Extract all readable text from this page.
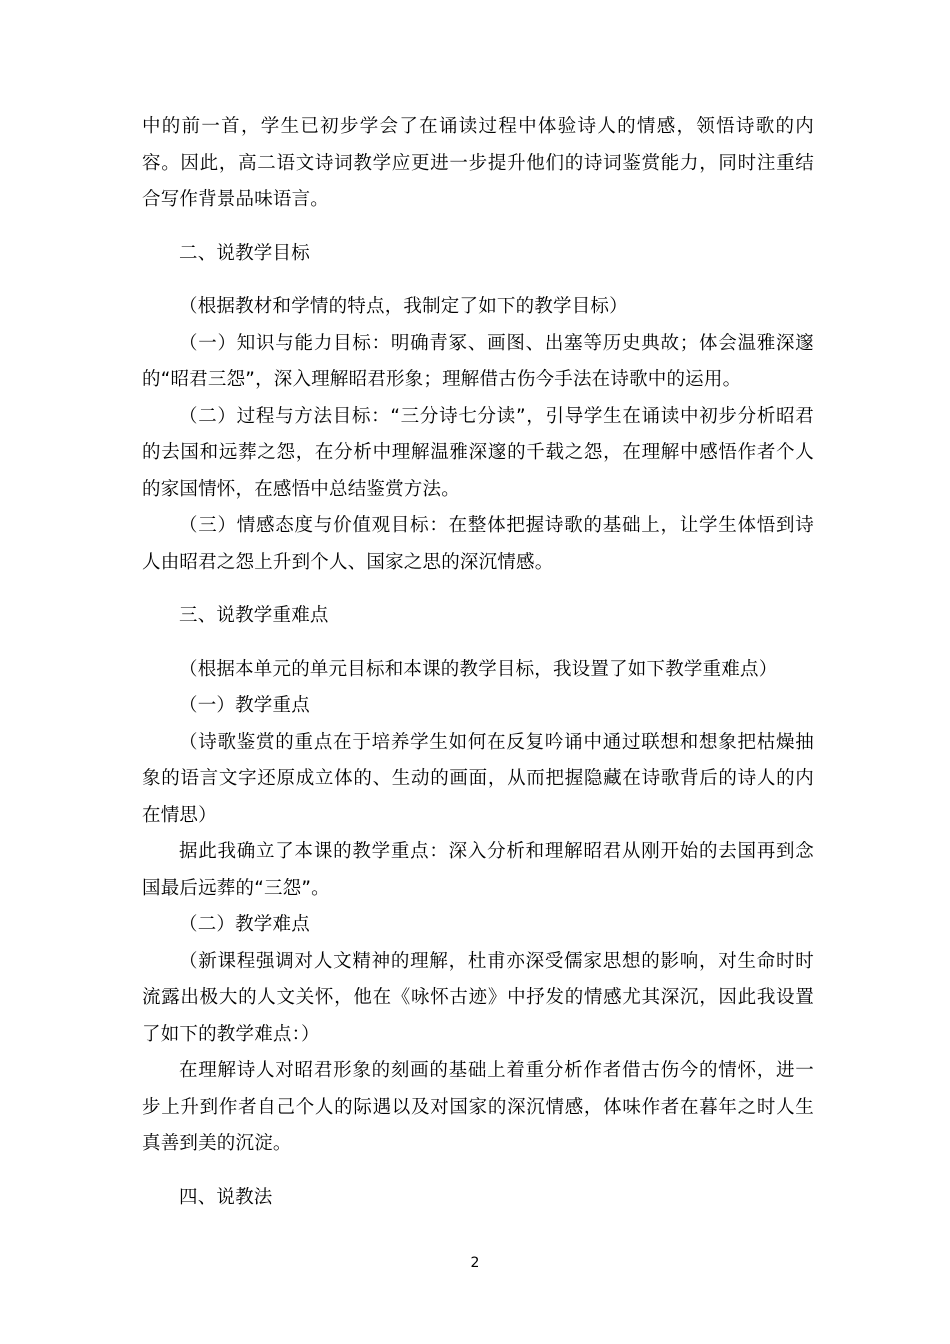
中的前一首，学生已初步学会了在诵读过程中体验诗人的情感，领悟诗歌的内容。因此，高二语文诗词教学应更进一步提升他们的诗词鉴赏能力，同时注重结合写作背景品味语言。

二、说教学目标

（根据教材和学情的特点，我制定了如下的教学目标）

（一）知识与能力目标：明确青冢、画图、出塞等历史典故；体会温雅深邃的“昭君三怨”，深入理解昭君形象；理解借古伤今手法在诗歌中的运用。

（二）过程与方法目标：“三分诗七分读”，引导学生在诵读中初步分析昭君的去国和远葬之怨，在分析中理解温雅深邃的千载之怨，在理解中感悟作者个人的家国情怀，在感悟中总结鉴赏方法。

（三）情感态度与价值观目标：在整体把握诗歌的基础上，让学生体悟到诗人由昭君之怨上升到个人、国家之思的深沉情感。

三、说教学重难点

（根据本单元的单元目标和本课的教学目标，我设置了如下教学重难点）

（一）教学重点

（诗歌鉴赏的重点在于培养学生如何在反复吟诵中通过联想和想象把枯燥抽象的语言文字还原成立体的、生动的画面，从而把握隐藏在诗歌背后的诗人的内在情思）

据此我确立了本课的教学重点：深入分析和理解昭君从刚开始的去国再到念国最后远葬的“三怨”。

（二）教学难点

（新课程强调对人文精神的理解，杜甫亦深受儒家思想的影响，对生命时时流露出极大的人文关怀，他在《咏怀古迹》中抒发的情感尤其深沉，因此我设置了如下的教学难点：）

在理解诗人对昭君形象的刻画的基础上着重分析作者借古伤今的情怀，进一步上升到作者自己个人的际遇以及对国家的深沉情感，体味作者在暮年之时人生真善到美的沉淀。

四、说教法

2
